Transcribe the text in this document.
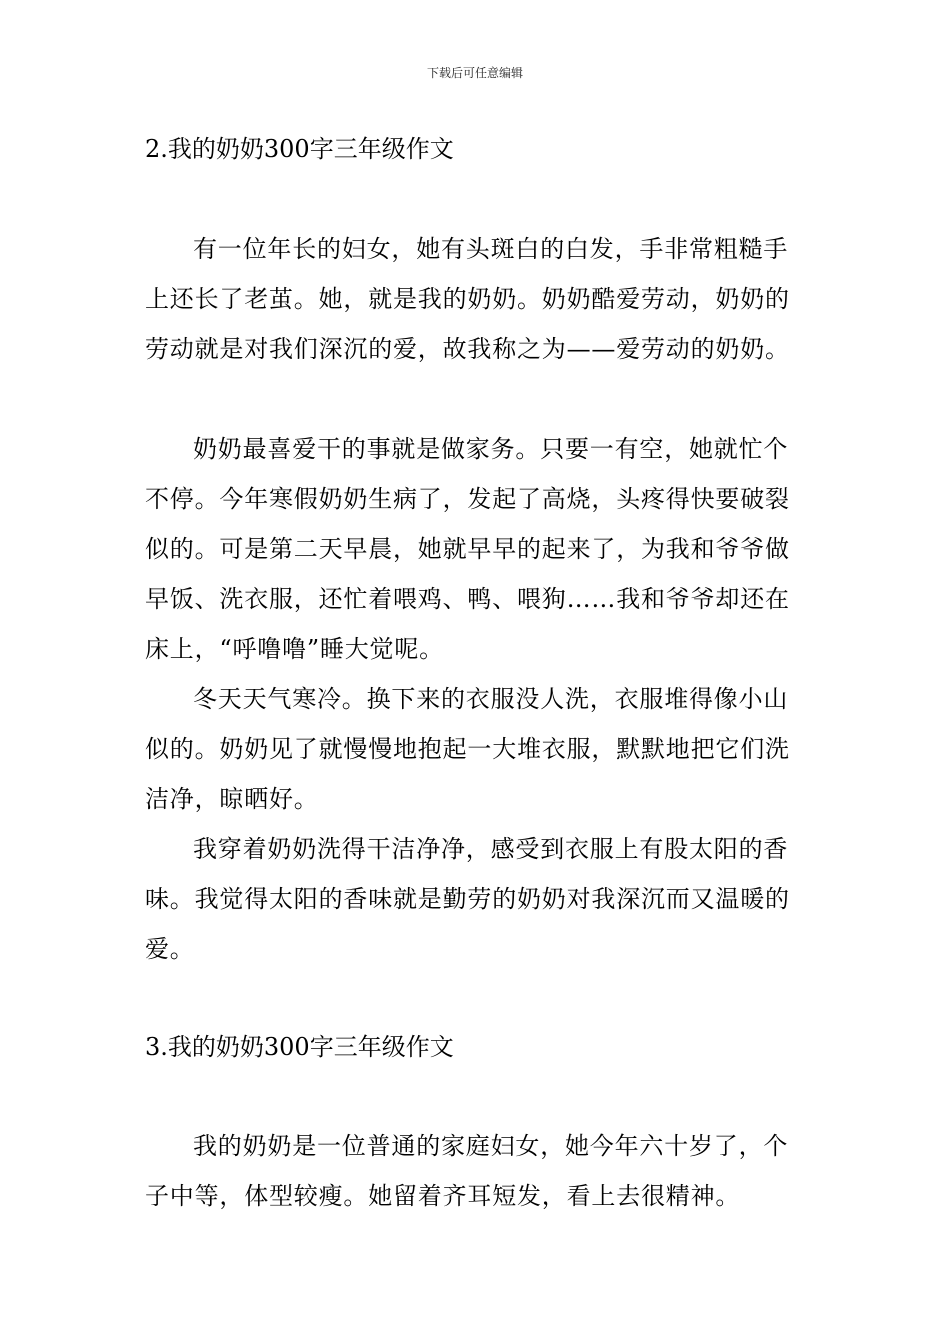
下载后可任意编辑
2.我的奶奶300字三年级作文

有一位年长的妇女，她有头斑白的白发，手非常粗糙手上还长了老茧。她，就是我的奶奶。奶奶酷爱劳动，奶奶的劳动就是对我们深沉的爱，故我称之为——爱劳动的奶奶。

奶奶最喜爱干的事就是做家务。只要一有空，她就忙个不停。今年寒假奶奶生病了，发起了高烧，头疼得快要破裂似的。可是第二天早晨，她就早早的起来了，为我和爷爷做早饭、洗衣服，还忙着喂鸡、鸭、喂狗……我和爷爷却还在床上，“呼噜噜”睡大觉呢。

冬天天气寒冷。换下来的衣服没人洗，衣服堆得像小山似的。奶奶见了就慢慢地抱起一大堆衣服，默默地把它们洗洁净，晾晒好。

我穿着奶奶洗得干洁净净，感受到衣服上有股太阳的香味。我觉得太阳的香味就是勤劳的奶奶对我深沉而又温暖的爱。

3.我的奶奶300字三年级作文

我的奶奶是一位普通的家庭妇女，她今年六十岁了，个子中等，体型较瘦。她留着齐耳短发，看上去很精神。
